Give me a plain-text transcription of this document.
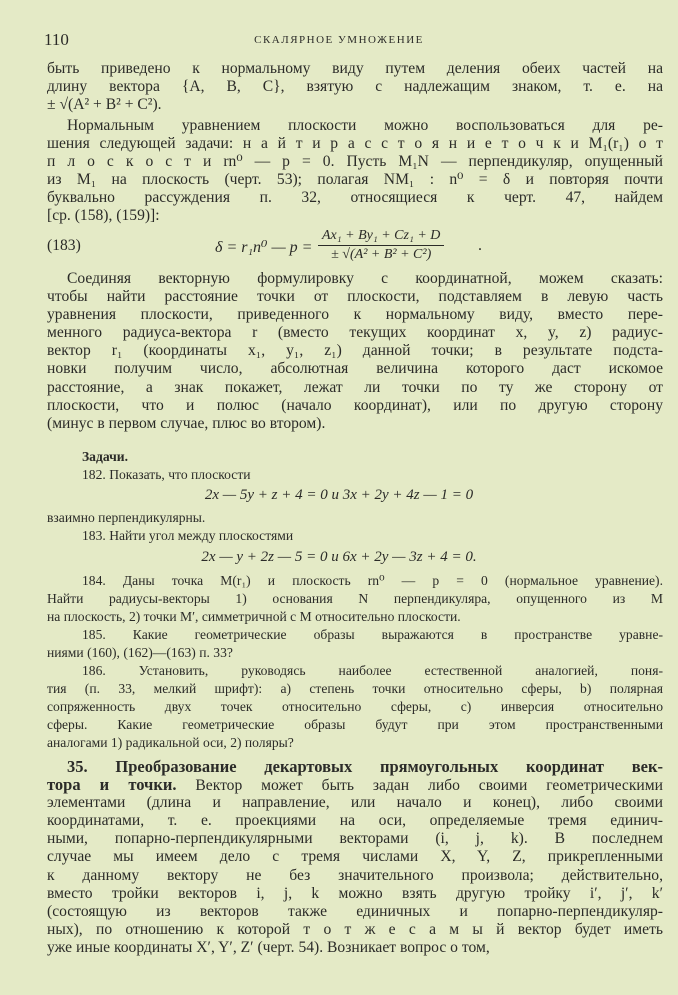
110	СКАЛЯРНОЕ УМНОЖЕНИЕ
быть приведено к нормальному виду путем деления обеих частей на
длину вектора {A, B, C}, взятую с надлежащим знаком, т. е. на
± √(A² + B² + C²).
Нормальным уравнением плоскости можно воспользоваться для ре-
шения следующей задачи: н а й т и р а с с т о я н и е т о ч к и M₁(r₁) о т
п л о с к о с т и rn⁰ — p = 0. Пусть M₁N — перпендикуляр, опущенный
из M₁ на плоскость (черт. 53); полагая NM₁ : n⁰ = δ и повторяя почти
буквально рассуждения п. 32, относящиеся к черт. 47, найдем
[ср. (158), (159)]:
(183)	δ = r₁n⁰ — $p = \frac{\text{Ax₁ + By₁ + Cz₁ + D}}{\text{± √(A² + B² + C²)}}$ .
Соединяя векторную формулировку с координатной, можем сказать:
чтобы найти расстояние точки от плоскости, подставляем в левую часть
уравнения плоскости, приведенного к нормальному виду, вместо пере-
менного радиуса-вектора r (вместо текущих координат x, y, z) радиус-
вектор r₁ (координаты x₁, y₁, z₁) данной точки; в результате подста-
новки получим число, абсолютная величина которого даст искомое
расстояние, а знак покажет, лежат ли точки по ту же сторону от
плоскости, что и полюс (начало координат), или по другую сторону
(минус в первом случае, плюс во втором).
Задачи.
182. Показать, что плоскости
2x — 5y + z + 4 = 0 и 3x + 2y + 4z — 1 = 0
взаимно перпендикулярны.
183. Найти угол между плоскостями
2x — y + 2z — 5 = 0 и 6x + 2y — 3z + 4 = 0.
184. Даны точка M(r₁) и плоскость rn⁰ — p = 0 (нормальное уравнение).
Найти радиусы-векторы 1) основания N перпендикуляра, опущенного из M
на плоскость, 2) точки M′, симметричной с M относительно плоскости.
185. Какие геометрические образы выражаются в пространстве уравне-
ниями (160), (162)—(163) п. 33?
186. Установить, руководясь наиболее естественной аналогией, поня-
тия (п. 33, мелкий шрифт): a) степень точки относительно сферы, b) полярная
сопряженность двух точек относительно сферы, c) инверсия относительно
сферы. Какие геометрические образы будут при этом пространственными
аналогами 1) радикальной оси, 2) поляры?
35. Преобразование декартовых прямоугольных координат век-
тора и точки. Вектор может быть задан либо своими геометрическими
элементами (длина и направление, или начало и конец), либо своими
координатами, т. е. проекциями на оси, определяемые тремя единич-
ными, попарно-перпендикулярными векторами (i, j, k). В последнем
случае мы имеем дело с тремя числами X, Y, Z, прикрепленными
к данному вектору не без значительного произвола; действительно,
вместо тройки векторов i, j, k можно взять другую тройку i′, j′, k′
(состоящую из векторов также единичных и попарно-перпендикуляр-
ных), по отношению к которой т о т ж е с а м ы й вектор будет иметь
уже иные координаты X′, Y′, Z′ (черт. 54). Возникает вопрос о том,
